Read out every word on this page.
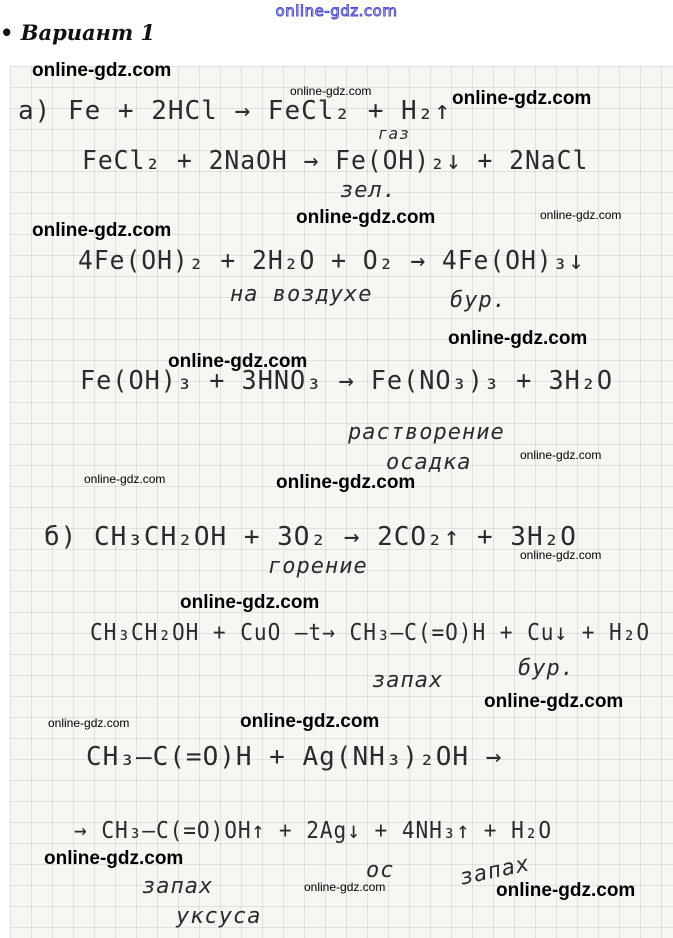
online-gdz.com
• Вариант 1
а) Fe + 2HCl → FeCl₂ + H₂↑
газ
FeCl₂ + 2NaOH → Fe(OH)₂↓ + 2NaCl
зел.
4Fe(OH)₂ + 2H₂O + O₂ → 4Fe(OH)₃↓
на воздухе	бур.
Fe(OH)₃ + 3HNO₃ → Fe(NO₃)₃ + 3H₂O
растворение
осадка
б) CH₃CH₂OH + 3O₂ → 2CO₂↑ + 3H₂O
горение
CH₃CH₂OH + CuO —t→ CH₃–C(=O)H + Cu↓ + H₂O
запах	бур.
CH₃–C(=O)H + Ag(NH₃)₂OH →
→ CH₃–C(=O)OH↑ + 2Ag↓ + 4NH₃↑ + H₂O
запах
уксуса
ос	запах
online-gdz.com
online-gdz.com	online-gdz.com
online-gdz.com
online-gdz.com	online-gdz.com
online-gdz.com
online-gdz.com
online-gdz.com
online-gdz.com	online-gdz.com
online-gdz.com
online-gdz.com
online-gdz.com
online-gdz.com	online-gdz.com
online-gdz.com
online-gdz.com	online-gdz.com
